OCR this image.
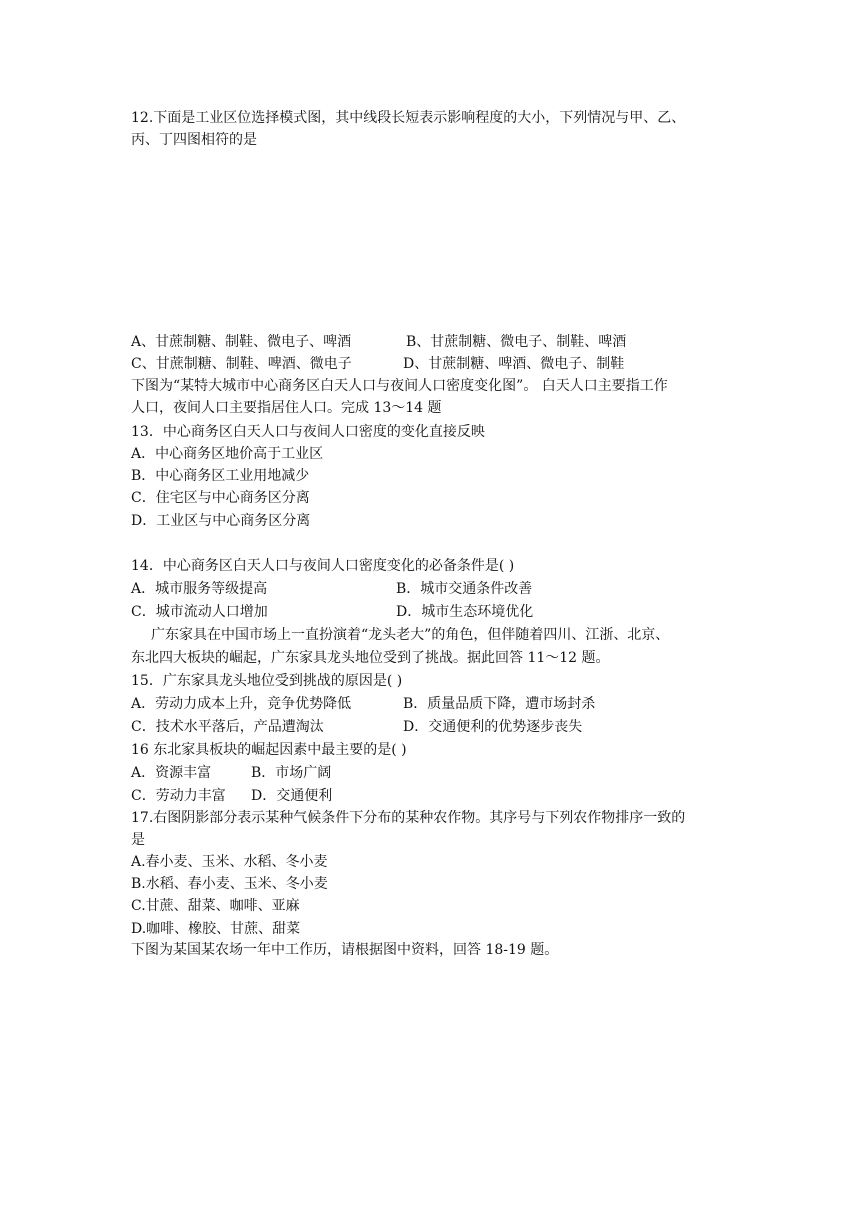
12.下面是工业区位选择模式图，其中线段长短表示影响程度的大小，下列情况与甲、乙、
丙、丁四图相符的是
A、甘蔗制糖、制鞋、微电子、啤酒	B、甘蔗制糖、微电子、制鞋、啤酒
C、甘蔗制糖、制鞋、啤酒、微电子	D、甘蔗制糖、啤酒、微电子、制鞋
下图为“某特大城市中心商务区白天人口与夜间人口密度变化图”。 白天人口主要指工作
人口，夜间人口主要指居住人口。完成 13～14 题
13．中心商务区白天人口与夜间人口密度的变化直接反映
A．中心商务区地价高于工业区
B．中心商务区工业用地减少
C．住宅区与中心商务区分离
D．工业区与中心商务区分离
14．中心商务区白天人口与夜间人口密度变化的必备条件是( )
A．城市服务等级提高	B．城市交通条件改善
C．城市流动人口增加	D．城市生态环境优化
广东家具在中国市场上一直扮演着“龙头老大”的角色，但伴随着四川、江浙、北京、
东北四大板块的崛起，广东家具龙头地位受到了挑战。据此回答 11～12 题。
15．广东家具龙头地位受到挑战的原因是( )
A．劳动力成本上升，竞争优势降低	B．质量品质下降，遭市场封杀
C．技术水平落后，产品遭淘汰	D．交通便利的优势逐步丧失
16 东北家具板块的崛起因素中最主要的是( )
A．资源丰富	B．市场广阔
C．劳动力丰富 D．交通便利
17.右图阴影部分表示某种气候条件下分布的某种农作物。其序号与下列农作物排序一致的
是
A.春小麦、玉米、水稻、冬小麦
B.水稻、春小麦、玉米、冬小麦
C.甘蔗、甜菜、咖啡、亚麻
D.咖啡、橡胶、甘蔗、甜菜
下图为某国某农场一年中工作历，请根据图中资料，回答 18-19 题。
